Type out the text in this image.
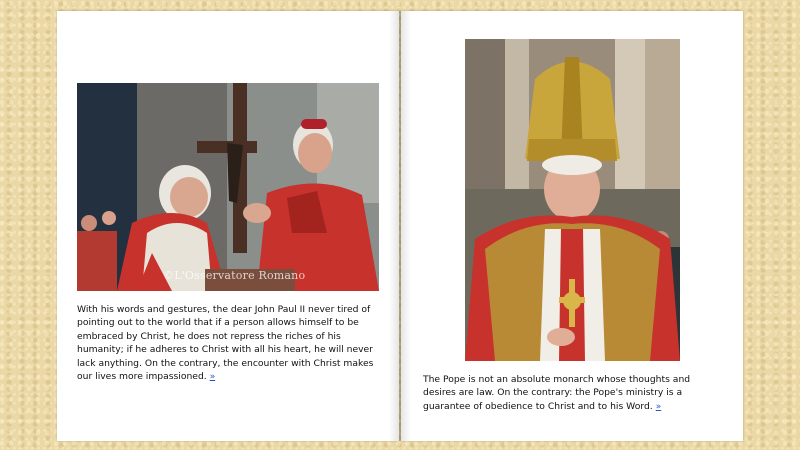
©L'Osservatore Romano
With his words and gestures, the dear John Paul II never tired of pointing out to the world that if a person allows himself to be embraced by Christ, he does not repress the riches of his humanity; if he adheres to Christ with all his heart, he will never lack anything. On the contrary, the encounter with Christ makes our lives more impassioned. »	The Pope is not an absolute monarch whose thoughts and desires are law. On the contrary: the Pope's ministry is a guarantee of obedience to Christ and to his Word. »
